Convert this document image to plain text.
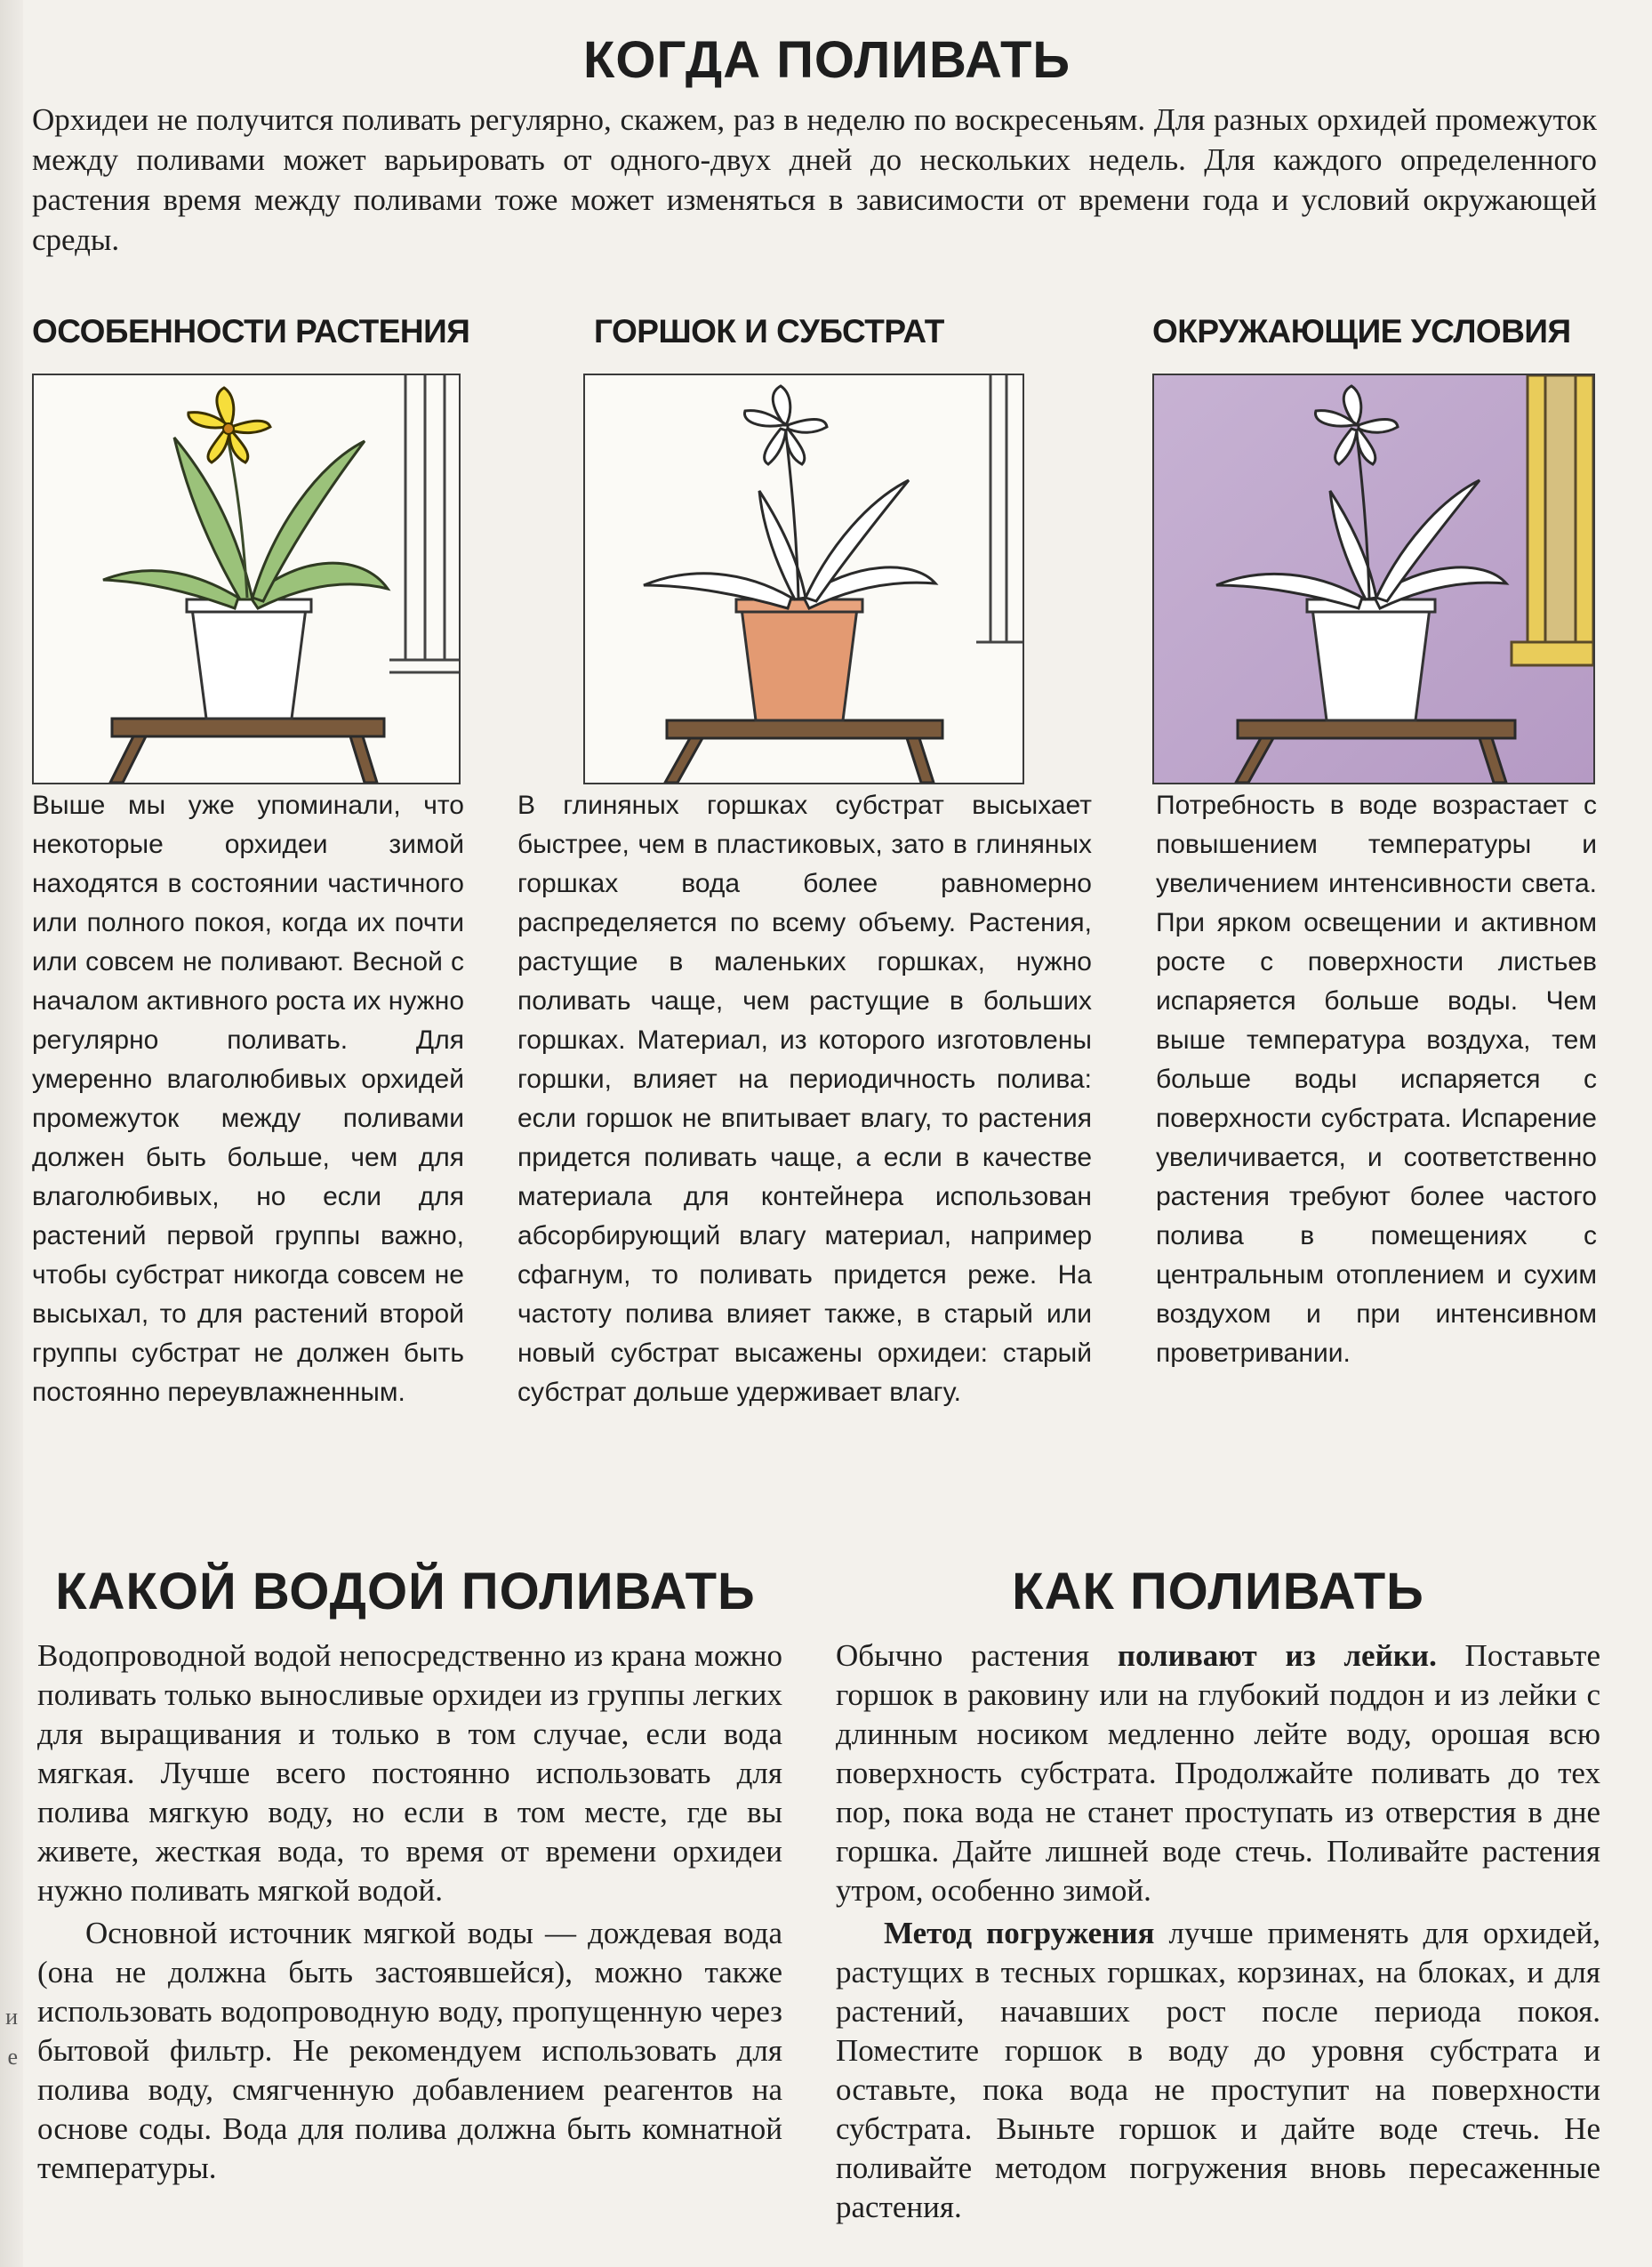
и
е
КОГДА ПОЛИВАТЬ

Орхидеи не получится поливать регулярно, скажем, раз в неделю по воскресеньям. Для разных орхидей промежуток между поливами может варьировать от одного-двух дней до нескольких недель. Для каждого определенного растения время между поливами тоже может изменяться в зависимости от времени года и условий окружающей среды.

ОСОБЕННОСТИ РАСТЕНИЯ	ГОРШОК И СУБСТРАТ	ОКРУЖАЮЩИЕ УСЛОВИЯ

Выше мы уже упоминали, что некоторые орхидеи зимой находятся в состоянии частичного или полного покоя, когда их почти или совсем не поливают. Весной с началом активного роста их нужно регулярно поливать. Для умеренно влаголюбивых орхидей промежуток между поливами должен быть больше, чем для влаголюбивых, но если для растений первой группы важно, чтобы субстрат никогда совсем не высыхал, то для растений второй группы субстрат не должен быть постоянно переувлажненным.

В глиняных горшках субстрат высыхает быстрее, чем в пластиковых, зато в глиняных горшках вода более равномерно распределяется по всему объему. Растения, растущие в маленьких горшках, нужно поливать чаще, чем растущие в больших горшках. Материал, из которого изготовлены горшки, влияет на периодичность полива: если горшок не впитывает влагу, то растения придется поливать чаще, а если в качестве материала для контейнера использован абсорбирующий влагу материал, например сфагнум, то поливать придется реже. На частоту полива влияет также, в старый или новый субстрат высажены орхидеи: старый субстрат дольше удерживает влагу.

Потребность в воде возрастает с повышением температуры и увеличением интенсивности света. При ярком освещении и активном росте с поверхности листьев испаряется больше воды. Чем выше температура воздуха, тем больше воды испаряется с поверхности субстрата. Испарение увеличивается, и соответственно растения требуют более частого полива в помещениях с центральным отоплением и сухим воздухом и при интенсивном проветривании.

КАКОЙ ВОДОЙ ПОЛИВАТЬ

Водопроводной водой непосредственно из крана можно поливать только выносливые орхидеи из группы легких для выращивания и только в том случае, если вода мягкая. Лучше всего постоянно использовать для полива мягкую воду, но если в том месте, где вы живете, жесткая вода, то время от времени орхидеи нужно поливать мягкой водой.

Основной источник мягкой воды — дождевая вода (она не должна быть застоявшейся), можно также использовать водопроводную воду, пропущенную через бытовой фильтр. Не рекомендуем использовать для полива воду, смягченную добавлением реагентов на основе соды. Вода для полива должна быть комнатной температуры.

КАК ПОЛИВАТЬ

Обычно растения поливают из лейки. Поставьте горшок в раковину или на глубокий поддон и из лейки с длинным носиком медленно лейте воду, орошая всю поверхность субстрата. Продолжайте поливать до тех пор, пока вода не станет проступать из отверстия в дне горшка. Дайте лишней воде стечь. Поливайте растения утром, особенно зимой.

Метод погружения лучше применять для орхидей, растущих в тесных горшках, корзинах, на блоках, и для растений, начавших рост после периода покоя. Поместите горшок в воду до уровня субстрата и оставьте, пока вода не проступит на поверхности субстрата. Выньте горшок и дайте воде стечь. Не поливайте методом погружения вновь пересаженные растения.
